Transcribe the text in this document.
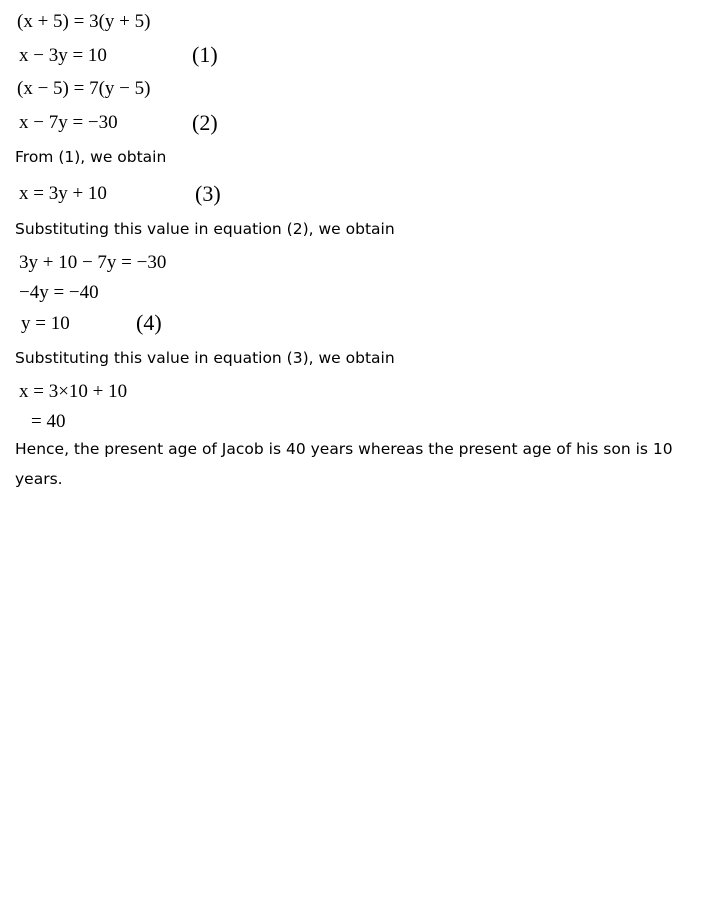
(x + 5) = 3(y + 5)
x − 3y = 10	(1)
(x − 5) = 7(y − 5)
x − 7y = −30	(2)
From (1), we obtain
x = 3y + 10	(3)
Substituting this value in equation (2), we obtain
3y + 10 − 7y = −30
−4y = −40
y = 10	(4)
Substituting this value in equation (3), we obtain
x = 3×10 + 10
= 40
Hence, the present age of Jacob is 40 years whereas the present age of his son is 10
years.
